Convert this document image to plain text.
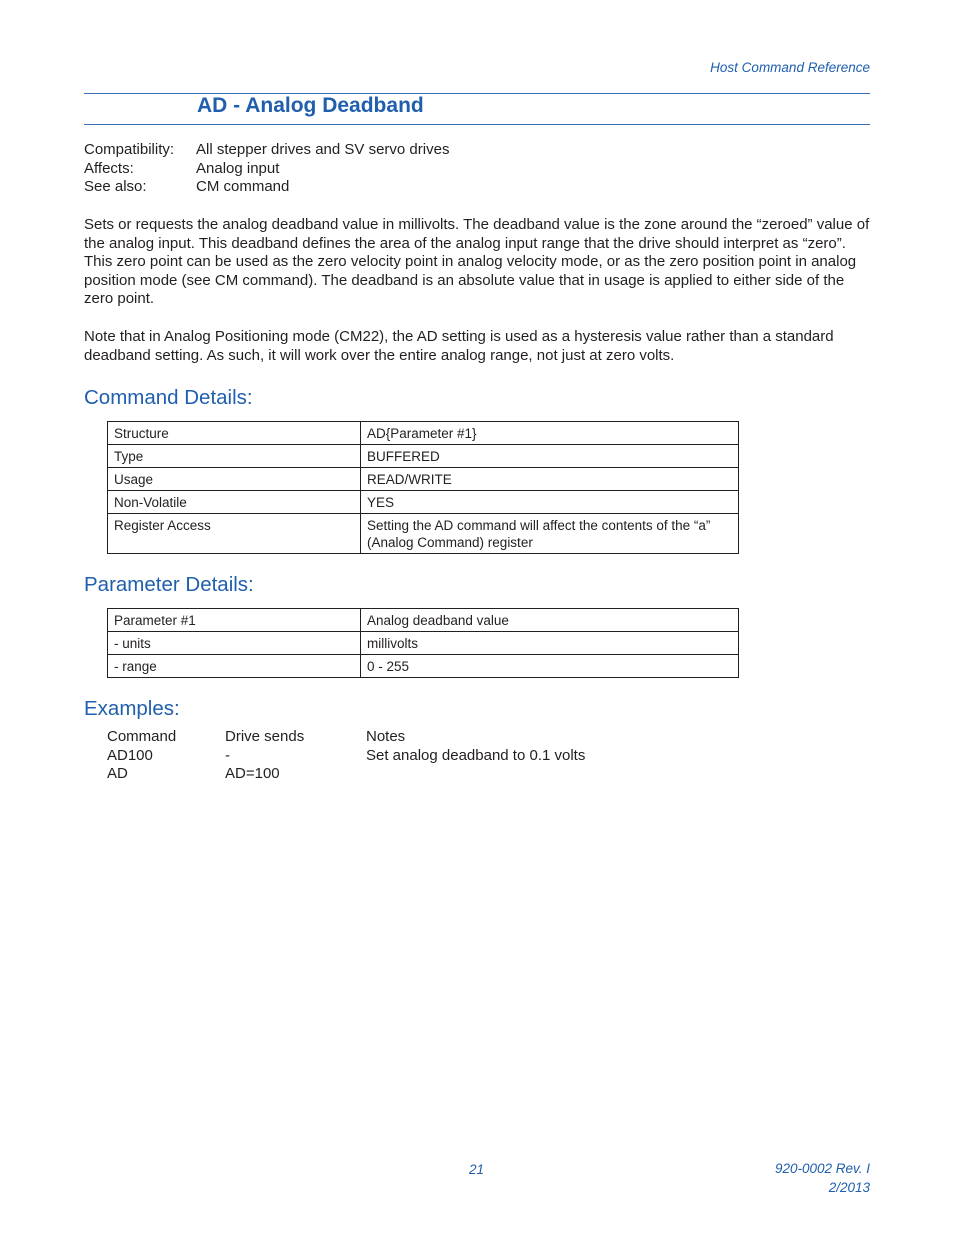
Host Command Reference
AD - Analog Deadband
Compatibility:	All stepper drives and SV servo drives
Affects:	Analog input
See also:	CM command

Sets or requests the analog deadband value in millivolts. The deadband value is the zone around the “zeroed” value of the analog input. This deadband defines the area of the analog input range that the drive should interpret as “zero”. This zero point can be used as the zero velocity point in analog velocity mode, or as the zero position point in analog position mode (see CM command). The deadband is an absolute value that in usage is applied to either side of the zero point.

Note that in Analog Positioning mode (CM22), the AD setting is used as a hysteresis value rather than a standard deadband setting. As such, it will work over the entire analog range, not just at zero volts.

Command Details:
Structure	AD{Parameter #1}
Type	BUFFERED
Usage	READ/WRITE
Non-Volatile	YES
Register Access	Setting the AD command will affect the contents of the “a” (Analog Command) register
Parameter Details:
Parameter #1	Analog deadband value
- units	millivolts
- range	0 - 255
Examples:
Command	Drive sends	Notes
AD100	-	Set analog deadband to 0.1 volts
AD	AD=100
21	920-0002 Rev. I
2/2013
